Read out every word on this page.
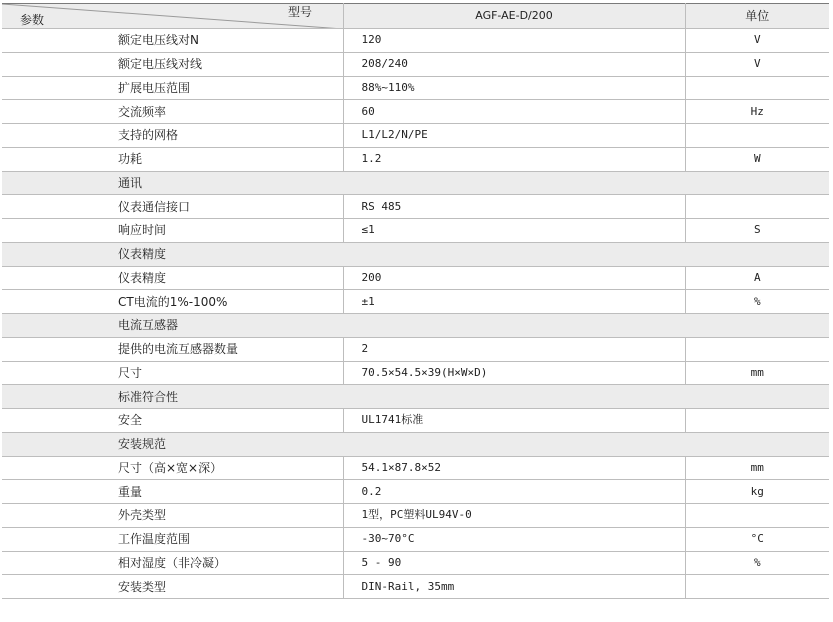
参数
型号	AGF-AE-D/200	单位
额定电压线对N	120	V
额定电压线对线	208/240	V
扩展电压范围	88%~110%	
交流频率	60	Hz
支持的网格	L1/L2/N/PE	
功耗	1.2	W
通讯		
仪表通信接口	RS 485	
响应时间	≤1	S
仪表精度		
仪表精度	200	A
CT电流的1%-100%	±1	%
电流互感器		
提供的电流互感器数量	2	
尺寸	70.5×54.5×39(H×W×D)	mm
标准符合性		
安全	UL1741标准	
安装规范		
尺寸（高×宽×深）	54.1×87.8×52	mm
重量	0.2	kg
外壳类型	1型，PC塑料UL94V-0	
工作温度范围	-30~70°C	°C
相对湿度（非冷凝）	5 - 90	%
安装类型	DIN-Rail, 35mm	
